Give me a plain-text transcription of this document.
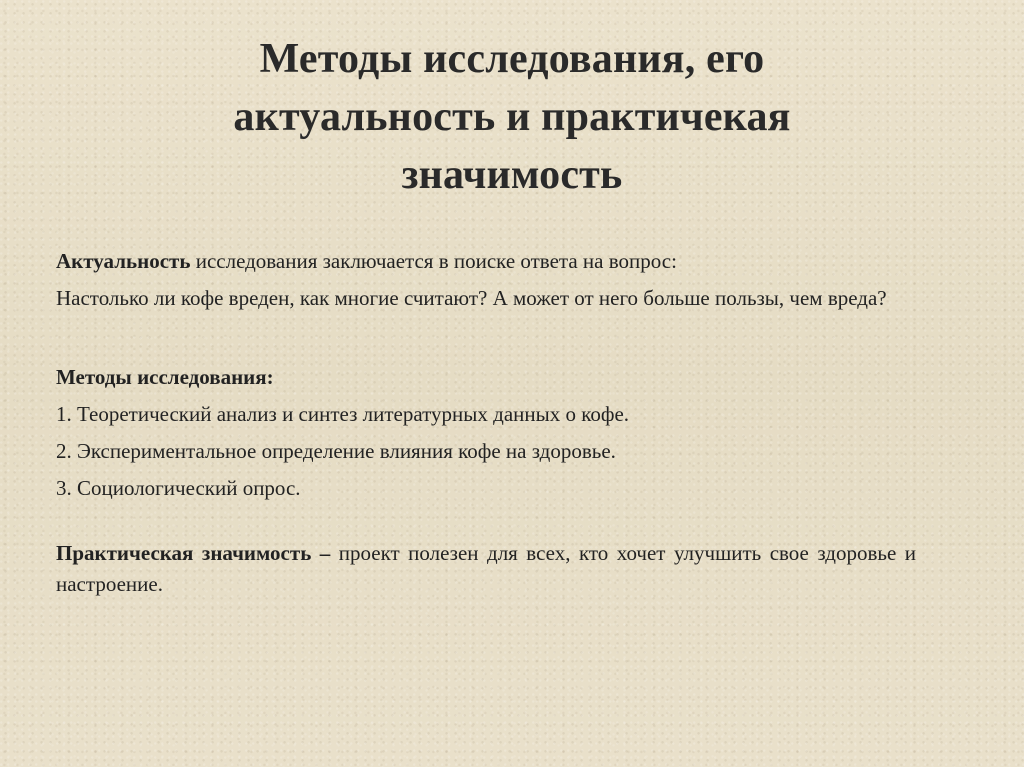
Методы исследования, его
актуальность и практичекая
значимость

Актуальность исследования заключается в поиске ответа на вопрос:

Настолько ли кофе вреден, как многие считают? А может от него больше пользы, чем вреда?

Методы исследования:

1. Теоретический анализ и синтез литературных данных о кофе.

2. Экспериментальное определение влияния кофе на здоровье.

3. Социологический опрос.

Практическая значимость – проект полезен для всех, кто хочет улучшить свое здоровье и настроение.
